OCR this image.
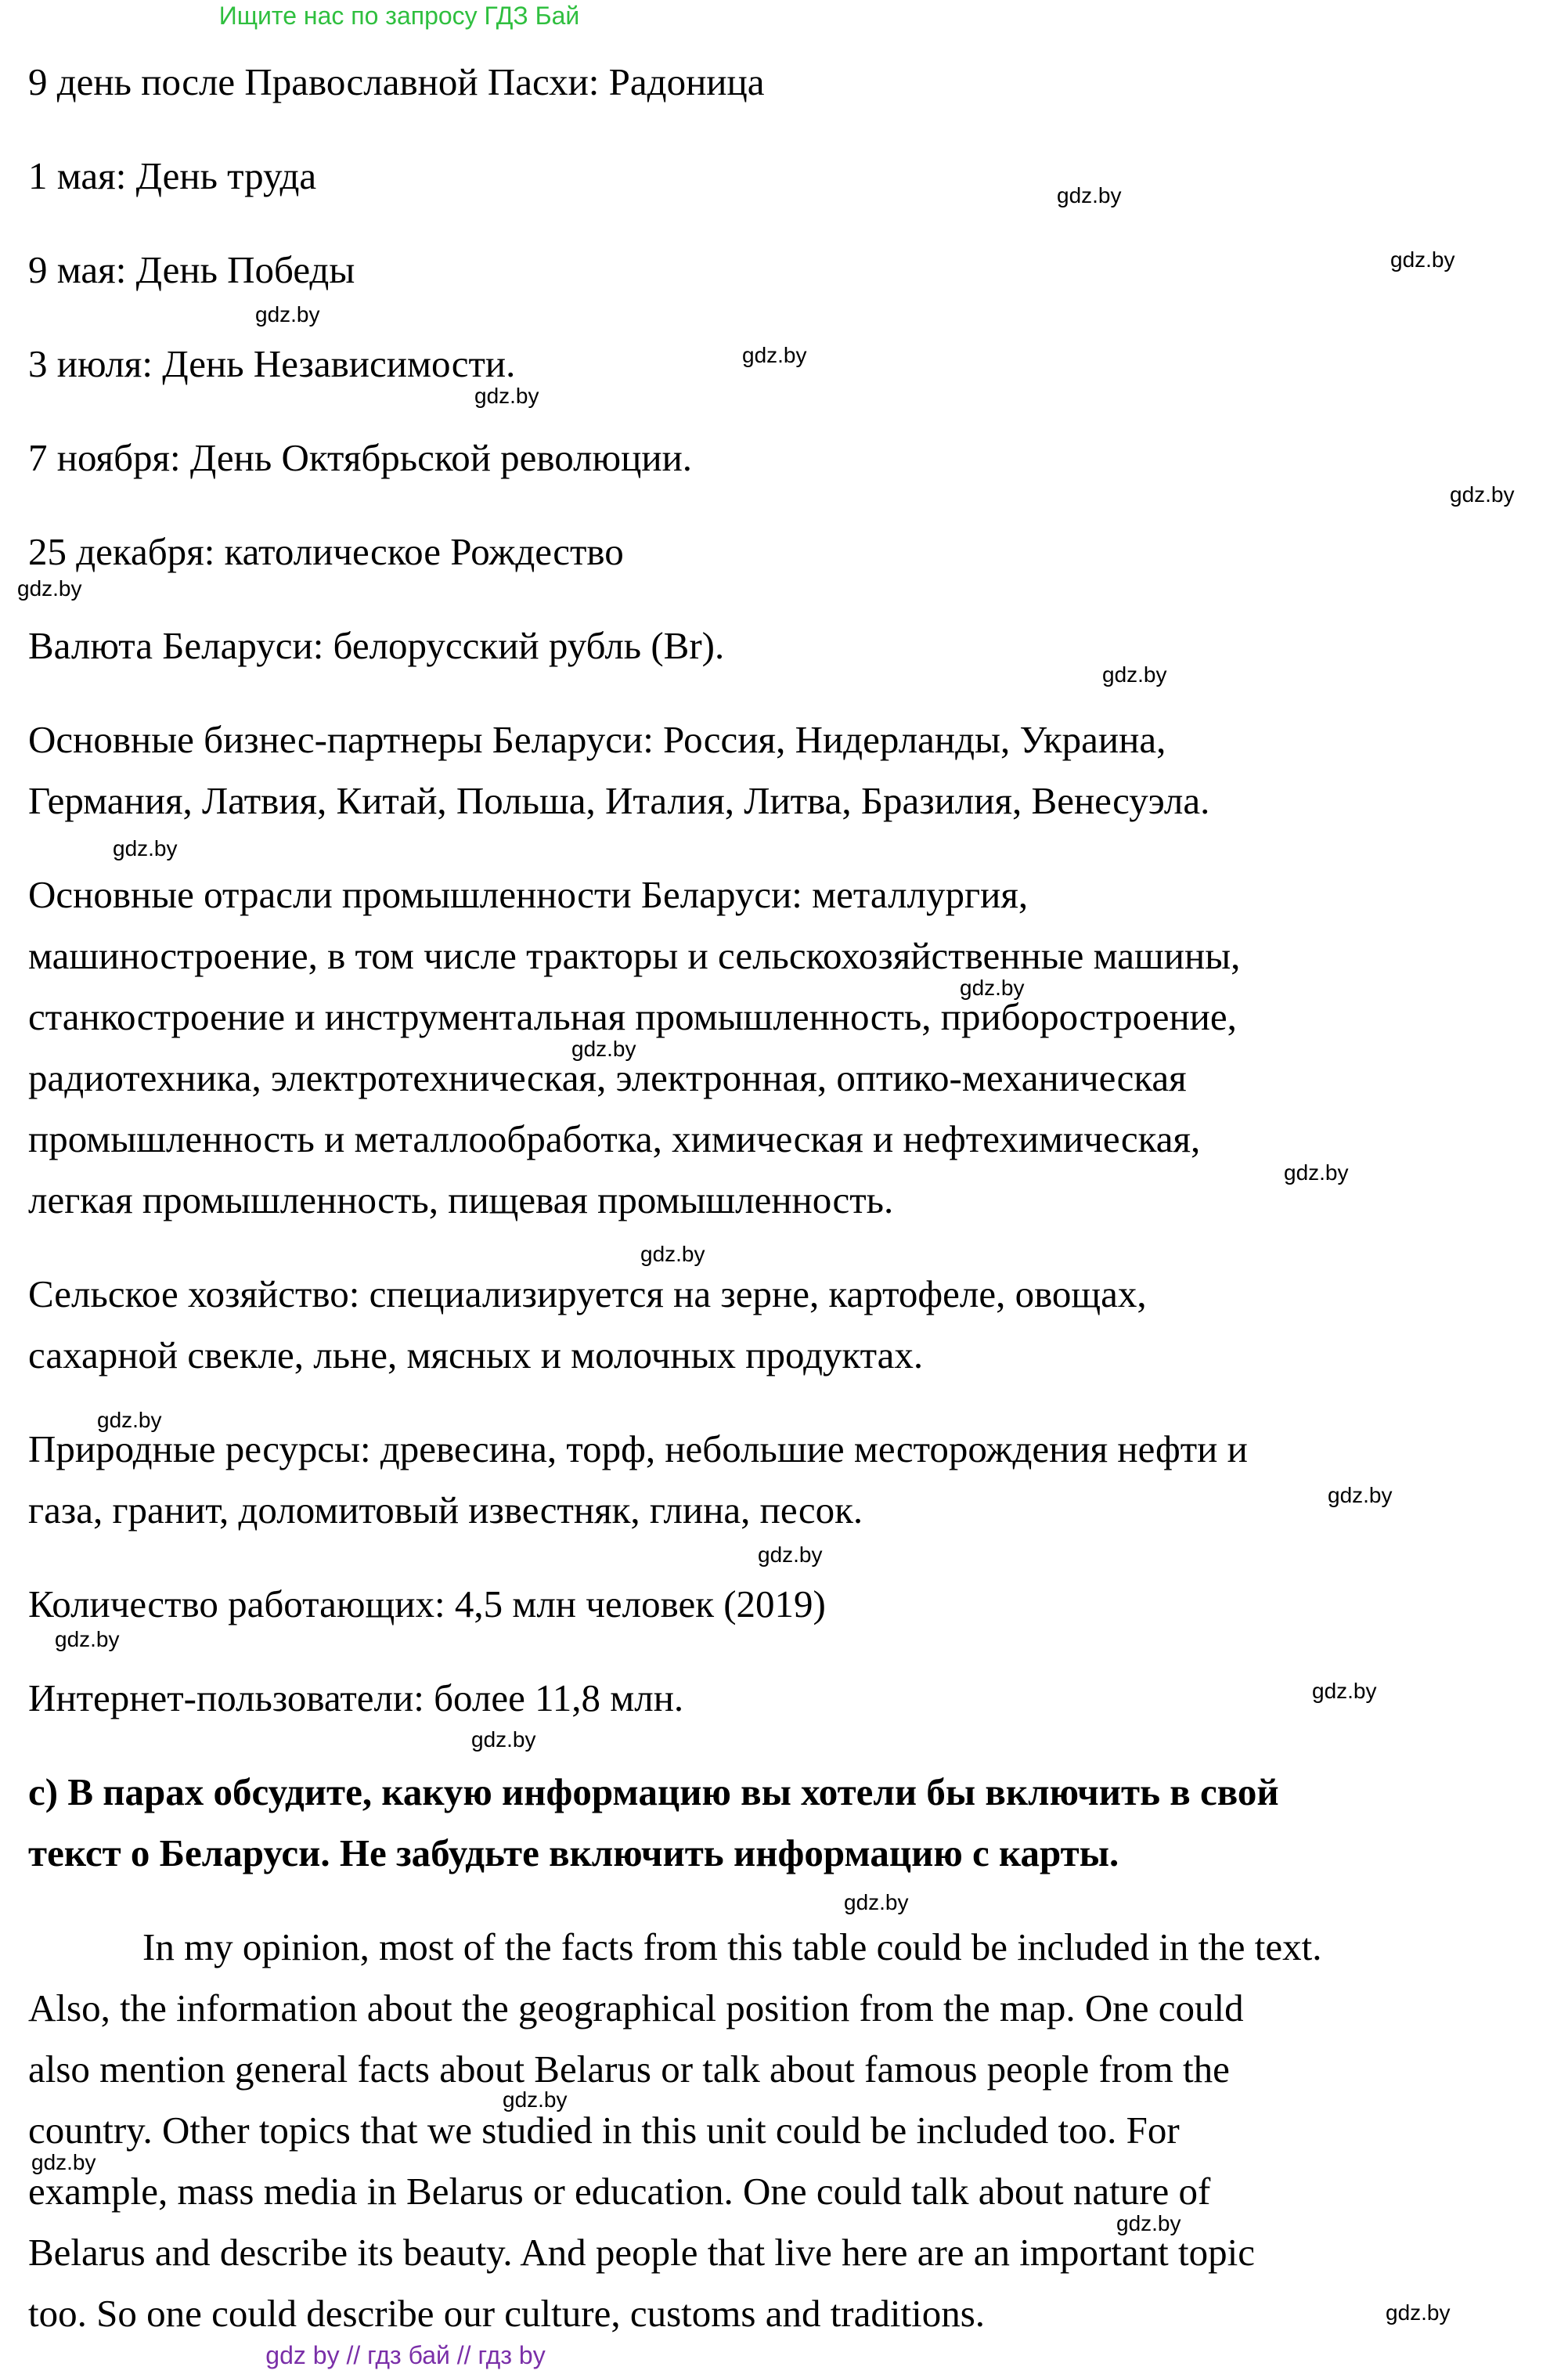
Ищите нас по запросу ГДЗ Бай
9 день после Православной Пасхи: Радоница
1 мая: День труда
9 мая: День Победы
3 июля: День Независимости.
7 ноября: День Октябрьской революции.
25 декабря: католическое Рождество
Валюта Беларуси: белорусский рубль (Br).
Основные бизнес-партнеры Беларуси: Россия, Нидерланды, Украина,
Германия, Латвия, Китай, Польша, Италия, Литва, Бразилия, Венесуэла.
Основные отрасли промышленности Беларуси: металлургия,
машиностроение, в том числе тракторы и сельскохозяйственные машины,
станкостроение и инструментальная промышленность, приборостроение,
радиотехника, электротехническая, электронная, оптико-механическая
промышленность и металлообработка, химическая и нефтехимическая,
легкая промышленность, пищевая промышленность.
Сельское хозяйство: специализируется на зерне, картофеле, овощах,
сахарной свекле, льне, мясных и молочных продуктах.
Природные ресурсы: древесина, торф, небольшие месторождения нефти и
газа, гранит, доломитовый известняк, глина, песок.
Количество работающих: 4,5 млн человек (2019)
Интернет-пользователи: более 11,8 млн.
с) В парах обсудите, какую информацию вы хотели бы включить в свой
текст о Беларуси. Не забудьте включить информацию с карты.
In my opinion, most of the facts from this table could be included in the text.
Also, the information about the geographical position from the map. One could
also mention general facts about Belarus or talk about famous people from the
country. Other topics that we studied in this unit could be included too. For
example, mass media in Belarus or education. One could talk about nature of
Belarus and describe its beauty. And people that live here are an important topic
too. So one could describe our culture, customs and traditions.
gdz.by
gdz.by
gdz.by
gdz.by
gdz.by
gdz.by
gdz.by
gdz.by
gdz.by
gdz.by
gdz.by
gdz.by
gdz.by
gdz.by
gdz.by
gdz.by
gdz.by
gdz.by
gdz.by
gdz.by
gdz.by
gdz.by
gdz.by
gdz.by
gdz by // гдз бай // гдз by
